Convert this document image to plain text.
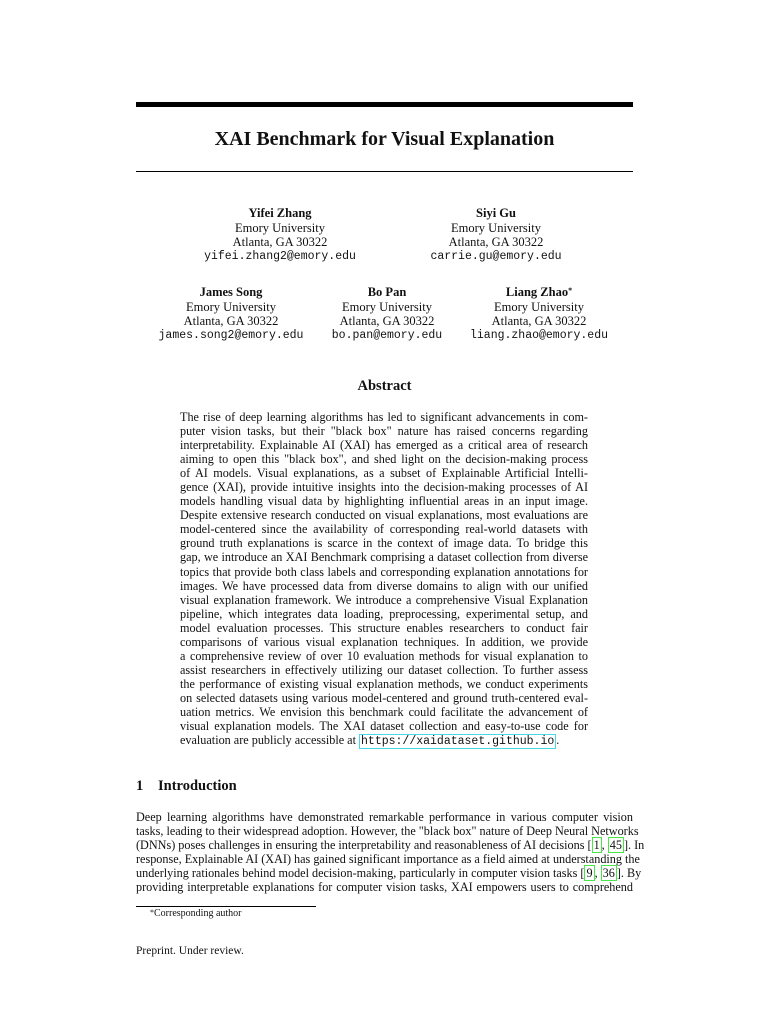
XAI Benchmark for Visual Explanation
Yifei Zhang
Emory University
Atlanta, GA 30322
yifei.zhang2@emory.edu
Siyi Gu
Emory University
Atlanta, GA 30322
carrie.gu@emory.edu
James Song
Emory University
Atlanta, GA 30322
james.song2@emory.edu
Bo Pan
Emory University
Atlanta, GA 30322
bo.pan@emory.edu
Liang Zhao*
Emory University
Atlanta, GA 30322
liang.zhao@emory.edu
Abstract
The rise of deep learning algorithms has led to significant advancements in com-
puter vision tasks, but their "black box" nature has raised concerns regarding
interpretability. Explainable AI (XAI) has emerged as a critical area of research
aiming to open this "black box", and shed light on the decision-making process
of AI models. Visual explanations, as a subset of Explainable Artificial Intelli-
gence (XAI), provide intuitive insights into the decision-making processes of AI
models handling visual data by highlighting influential areas in an input image.
Despite extensive research conducted on visual explanations, most evaluations are
model-centered since the availability of corresponding real-world datasets with
ground truth explanations is scarce in the context of image data. To bridge this
gap, we introduce an XAI Benchmark comprising a dataset collection from diverse
topics that provide both class labels and corresponding explanation annotations for
images. We have processed data from diverse domains to align with our unified
visual explanation framework. We introduce a comprehensive Visual Explanation
pipeline, which integrates data loading, preprocessing, experimental setup, and
model evaluation processes. This structure enables researchers to conduct fair
comparisons of various visual explanation techniques. In addition, we provide
a comprehensive review of over 10 evaluation methods for visual explanation to
assist researchers in effectively utilizing our dataset collection. To further assess
the performance of existing visual explanation methods, we conduct experiments
on selected datasets using various model-centered and ground truth-centered eval-
uation metrics. We envision this benchmark could facilitate the advancement of
visual explanation models. The XAI dataset collection and easy-to-use code for
evaluation are publicly accessible at https://xaidataset.github.io .
1 Introduction
Deep learning algorithms have demonstrated remarkable performance in various computer vision
tasks, leading to their widespread adoption. However, the "black box" nature of Deep Neural Networks
(DNNs) poses challenges in ensuring the interpretability and reasonableness of AI decisions [ 1 , 45 ]. In
response, Explainable AI (XAI) has gained significant importance as a field aimed at understanding the
underlying rationales behind model decision-making, particularly in computer vision tasks [ 9 , 36 ]. By
providing interpretable explanations for computer vision tasks, XAI empowers users to comprehend
*Corresponding author
Preprint. Under review.
